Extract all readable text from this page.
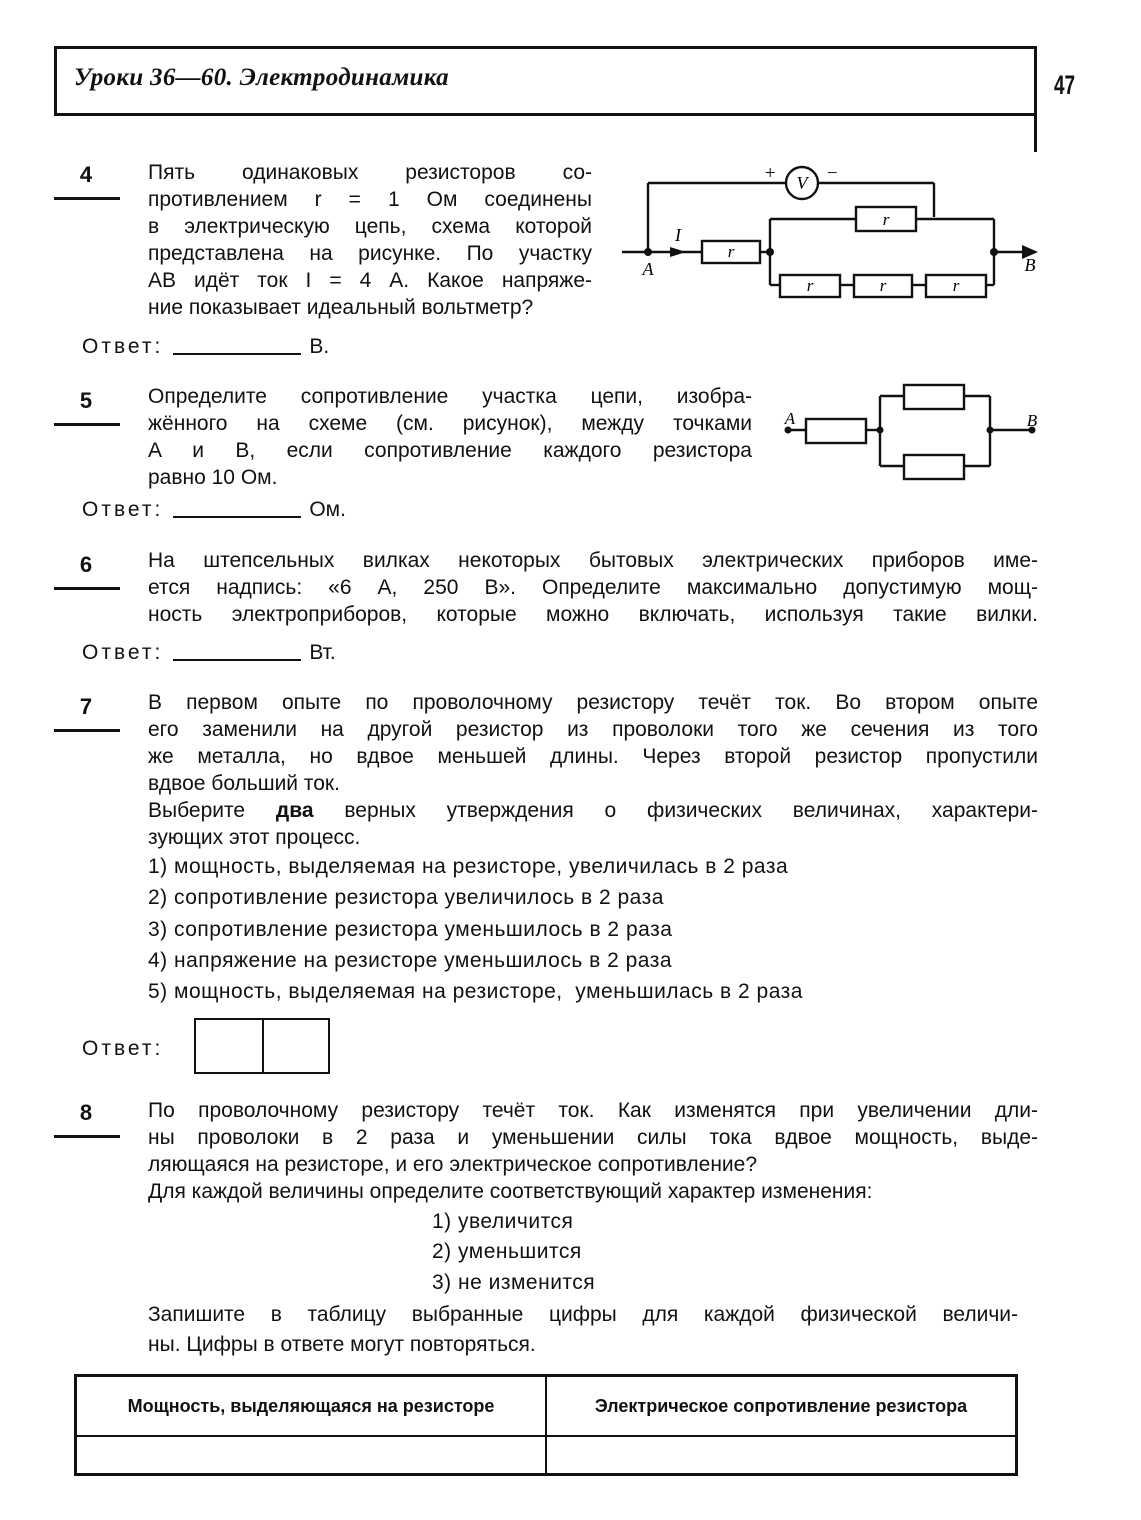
Уроки 36—60. Электродинамика	47
4	Пять одинаковых резисторов со-
противлением r = 1 Ом соединены
в электрическую цепь, схема которой
представлена на рисунке. По участку
AB идёт ток I = 4 А. Какое напряже-
ние показывает идеальный вольтметр?
V
+	−
I
A	B
r
r
r	r	r
Ответ:	В.
5	Определите сопротивление участка цепи, изобра-
жённого на схеме (см. рисунок), между точками
A и B, если сопротивление каждого резистора
равно 10 Ом.
A	B
Ответ:	Ом.
6	На штепсельных вилках некоторых бытовых электрических приборов име-
ется надпись: «6 А, 250 В». Определите максимально допустимую мощ-
ность электроприборов, которые можно включать, используя такие вилки.
Ответ:	Вт.
7	В первом опыте по проволочному резистору течёт ток. Во втором опыте
его заменили на другой резистор из проволоки того же сечения из того
же металла, но вдвое меньшей длины. Через второй резистор пропустили
вдвое больший ток.
Выберите два верных утверждения о физических величинах, характери-
зующих этот процесс.
1) мощность, выделяемая на резисторе, увеличилась в 2 раза
2) сопротивление резистора увеличилось в 2 раза
3) сопротивление резистора уменьшилось в 2 раза
4) напряжение на резисторе уменьшилось в 2 раза
5) мощность, выделяемая на резисторе,  уменьшилась в 2 раза
Ответ:
8	По проволочному резистору течёт ток. Как изменятся при увеличении дли-
ны проволоки в 2 раза и уменьшении силы тока вдвое мощность, выде-
ляющаяся на резисторе, и его электрическое сопротивление?
Для каждой величины определите соответствующий характер изменения:
1) увеличится
2) уменьшится
3) не изменится
Запишите в таблицу выбранные цифры для каждой физической величи-
ны. Цифры в ответе могут повторяться.
Мощность, выделяющаяся на резисторе	Электрическое сопротивление резистора
